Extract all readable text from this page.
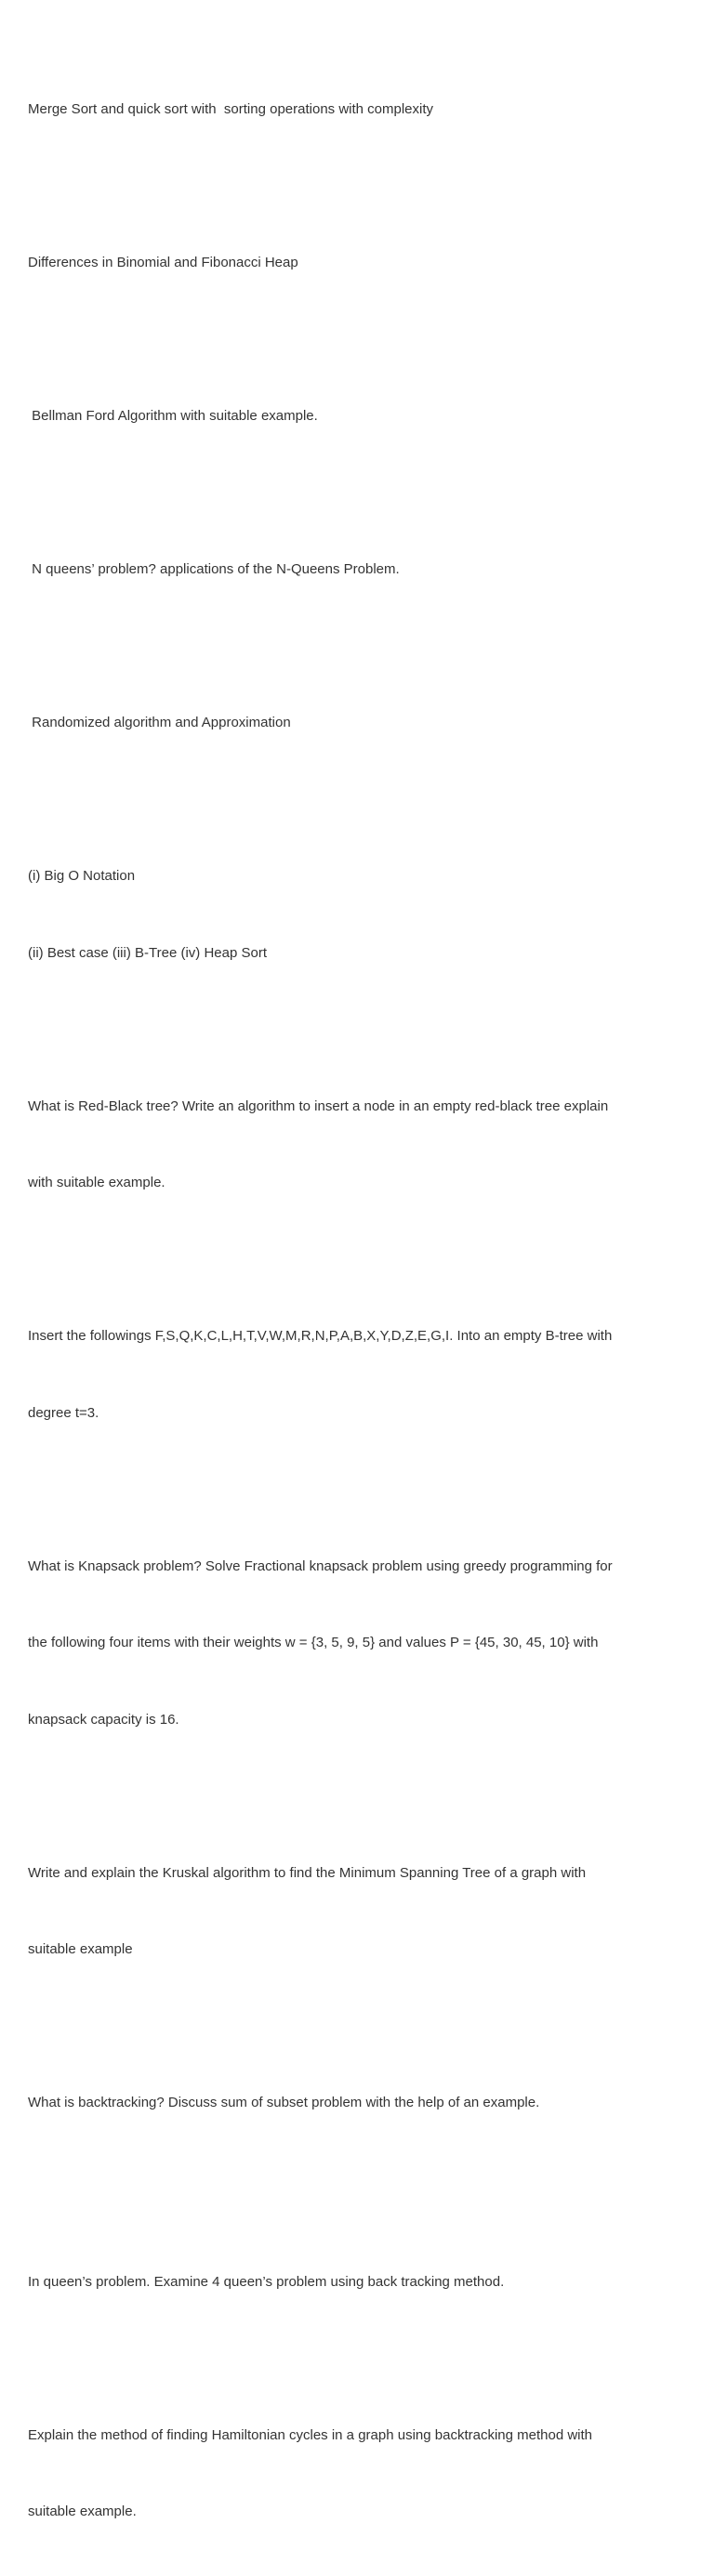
Merge Sort and quick sort with  sorting operations with complexity

Differences in Binomial and Fibonacci Heap

Bellman Ford Algorithm with suitable example.

N queens’ problem? applications of the N-Queens Problem.

Randomized algorithm and Approximation

(i) Big O Notation

(ii) Best case (iii) B-Tree (iv) Heap Sort

What is Red-Black tree? Write an algorithm to insert a node in an empty red-black tree explain

with suitable example.

Insert the followings F,S,Q,K,C,L,H,T,V,W,M,R,N,P,A,B,X,Y,D,Z,E,G,I. Into an empty B-tree with

degree t=3.

What is Knapsack problem? Solve Fractional knapsack problem using greedy programming for

the following four items with their weights w = {3, 5, 9, 5} and values P = {45, 30, 45, 10} with

knapsack capacity is 16.

Write and explain the Kruskal algorithm to find the Minimum Spanning Tree of a graph with

suitable example

What is backtracking? Discuss sum of subset problem with the help of an example.

In queen’s problem. Examine 4 queen’s problem using back tracking method.

Explain the method of finding Hamiltonian cycles in a graph using backtracking method with

suitable example.
